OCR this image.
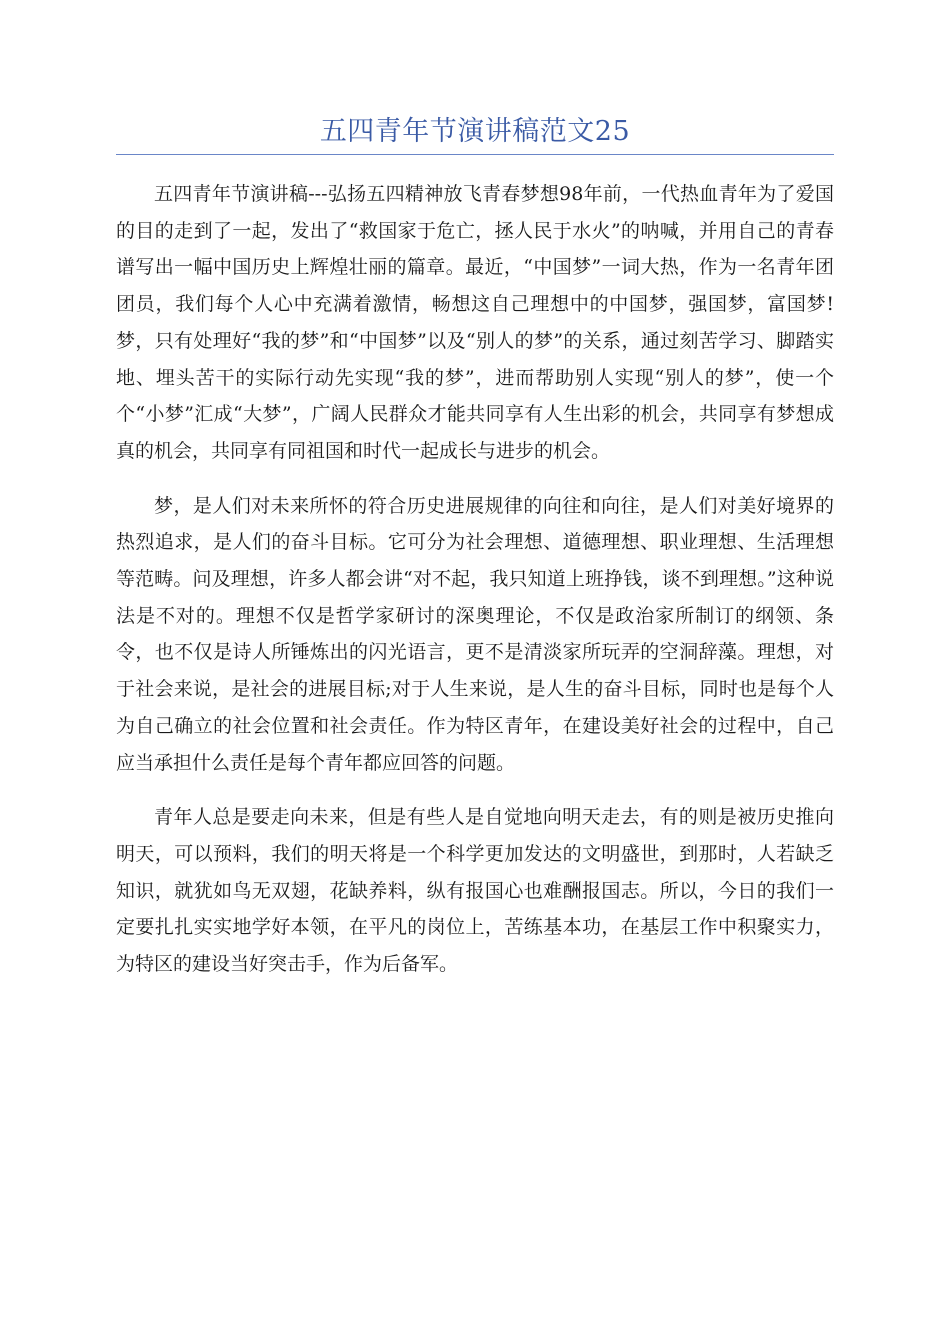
五四青年节演讲稿范文25

五四青年节演讲稿---弘扬五四精神放飞青春梦想98年前，一代热血青年为了爱国的目的走到了一起，发出了“救国家于危亡，拯人民于水火”的呐喊，并用自己的青春谱写出一幅中国历史上辉煌壮丽的篇章。最近，“中国梦”一词大热，作为一名青年团团员，我们每个人心中充满着激情，畅想这自己理想中的中国梦，强国梦，富国梦!梦，只有处理好“我的梦”和“中国梦”以及“别人的梦”的关系，通过刻苦学习、脚踏实地、埋头苦干的实际行动先实现“我的梦”，进而帮助别人实现“别人的梦”，使一个个“小梦”汇成“大梦”，广阔人民群众才能共同享有人生出彩的机会，共同享有梦想成真的机会，共同享有同祖国和时代一起成长与进步的机会。

梦，是人们对未来所怀的符合历史进展规律的向往和向往，是人们对美好境界的热烈追求，是人们的奋斗目标。它可分为社会理想、道德理想、职业理想、生活理想等范畴。问及理想，许多人都会讲“对不起，我只知道上班挣钱，谈不到理想。”这种说法是不对的。理想不仅是哲学家研讨的深奥理论，不仅是政治家所制订的纲领、条令，也不仅是诗人所锤炼出的闪光语言，更不是清淡家所玩弄的空洞辞藻。理想，对于社会来说，是社会的进展目标;对于人生来说，是人生的奋斗目标，同时也是每个人为自己确立的社会位置和社会责任。作为特区青年，在建设美好社会的过程中，自己应当承担什么责任是每个青年都应回答的问题。

青年人总是要走向未来，但是有些人是自觉地向明天走去，有的则是被历史推向明天，可以预料，我们的明天将是一个科学更加发达的文明盛世，到那时，人若缺乏知识，就犹如鸟无双翅，花缺养料，纵有报国心也难酬报国志。所以，今日的我们一定要扎扎实实地学好本领，在平凡的岗位上，苦练基本功，在基层工作中积聚实力，为特区的建设当好突击手，作为后备军。
